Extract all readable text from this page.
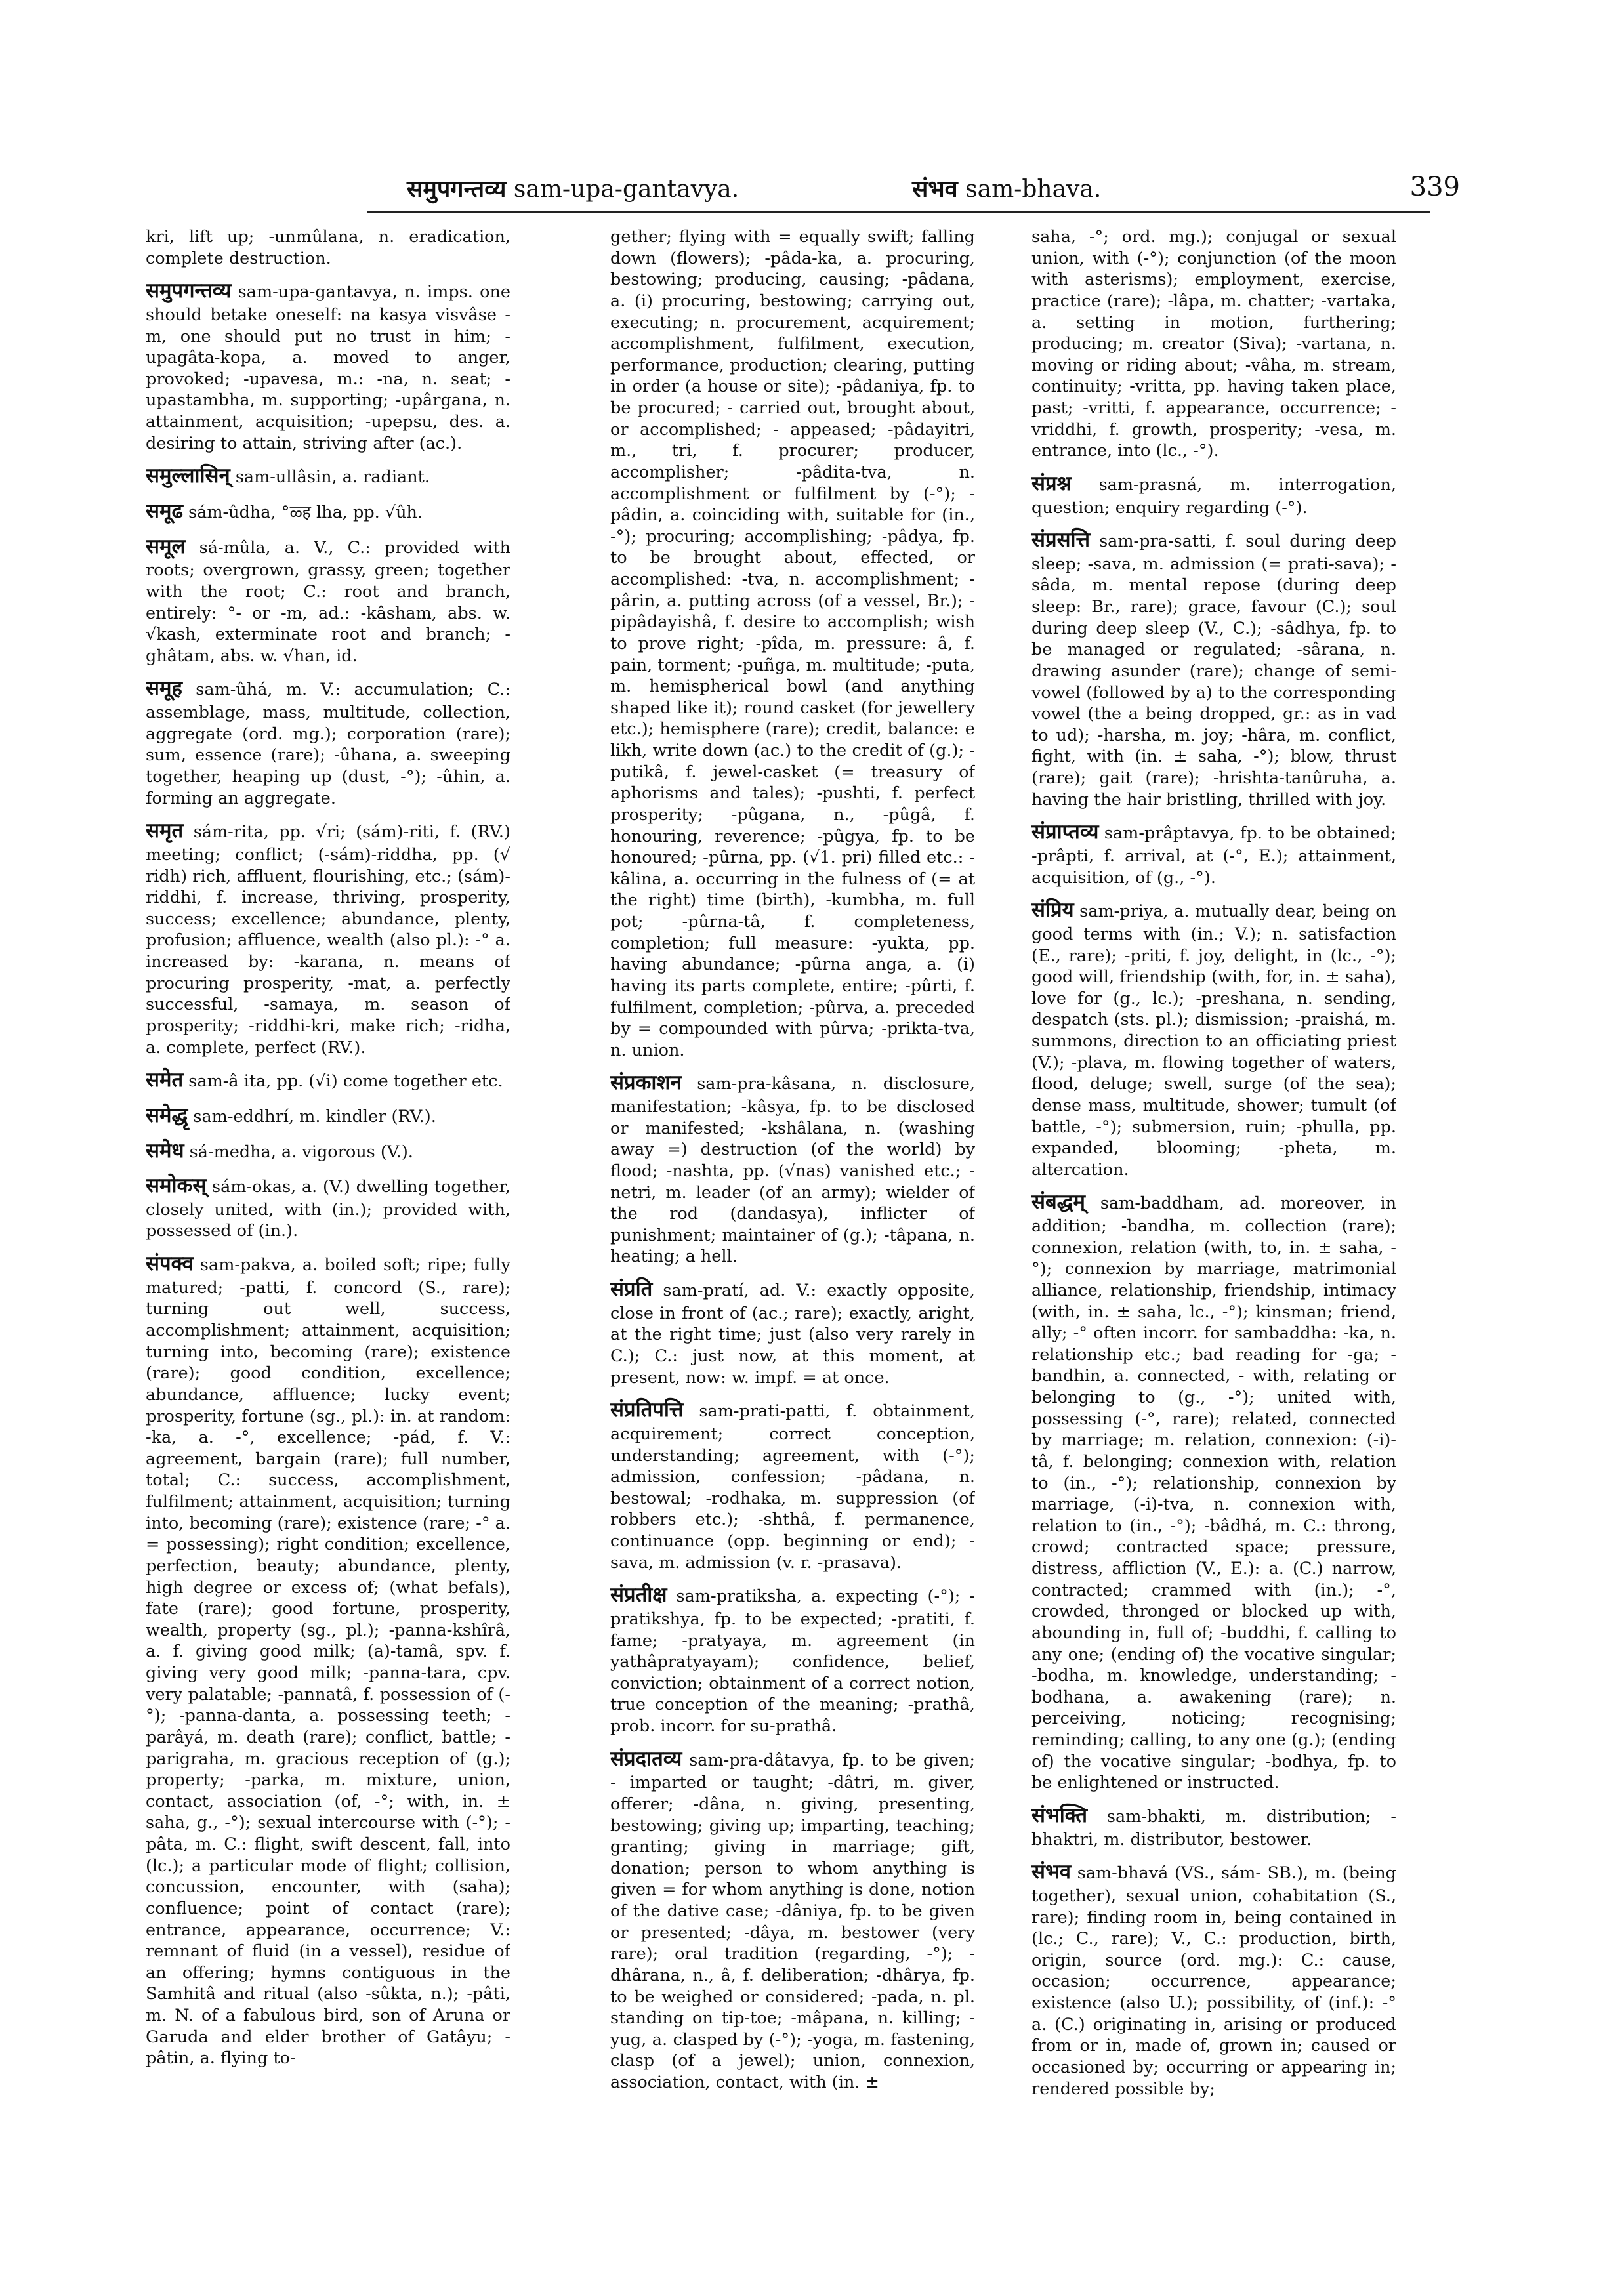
समुपगन्तव्य sam-upa-gantavya.	संभव sam-bhava.	339

kri, lift up; -unmûlana, n. eradication, complete destruction.

समुपगन्तव्य sam-upa-gantavya, n. imps. one should betake oneself: na kasya visvâse -m, one should put no trust in him; -upagâta-kopa, a. moved to anger, provoked; -upavesa, m.: -na, n. seat; -upastambha, m. supporting; -upârgana, n. attainment, acquisition; -upepsu, des. a. desiring to attain, striving after (ac.).

समुल्लासिन् sam-ullâsin, a. radiant.

समूढ sám-ûdha, °ळ्ह lha, pp. √ûh.

समूल sá-mûla, a. V., C.: provided with roots; overgrown, grassy, green; together with the root; C.: root and branch, entirely: °- or -m, ad.: -kâsham, abs. w. √kash, exterminate root and branch; -ghâtam, abs. w. √han, id.

समूह sam-ûhá, m. V.: accumulation; C.: assemblage, mass, multitude, collection, aggregate (ord. mg.); corporation (rare); sum, essence (rare); -ûhana, a. sweeping together, heaping up (dust, -°); -ûhin, a. forming an aggregate.

समृत sám-rita, pp. √ri; (sám)-riti, f. (RV.) meeting; conflict; (-sám)-riddha, pp. (√ ridh) rich, affluent, flourishing, etc.; (sám)-riddhi, f. increase, thriving, prosperity, success; excellence; abundance, plenty, profusion; affluence, wealth (also pl.): -° a. increased by: -karana, n. means of procuring prosperity, -mat, a. perfectly successful, -samaya, m. season of prosperity; -riddhi-kri, make rich; -ridha, a. complete, perfect (RV.).

समेत sam-â ita, pp. (√i) come together etc.

समेद्धृ sam-eddhrí, m. kindler (RV.).

समेध sá-medha, a. vigorous (V.).

समोकस् sám-okas, a. (V.) dwelling together, closely united, with (in.); provided with, possessed of (in.).

संपक्व sam-pakva, a. boiled soft; ripe; fully matured; -patti, f. concord (S., rare); turning out well, success, accomplishment; attainment, acquisition; turning into, becoming (rare); existence (rare); good condition, excellence; abundance, affluence; lucky event; prosperity, fortune (sg., pl.): in. at random: -ka, a. -°, excellence; -pád, f. V.: agreement, bargain (rare); full number, total; C.: success, accomplishment, fulfilment; attainment, acquisition; turning into, becoming (rare); existence (rare; -° a. = possessing); right condition; excellence, perfection, beauty; abundance, plenty, high degree or excess of; (what befals), fate (rare); good fortune, prosperity, wealth, property (sg., pl.); -panna-kshîrâ, a. f. giving good milk; (a)-tamâ, spv. f. giving very good milk; -panna-tara, cpv. very palatable; -pannatâ, f. possession of (-°); -panna-danta, a. possessing teeth; -parâyá, m. death (rare); conflict, battle; -parigraha, m. gracious reception of (g.); property; -parka, m. mixture, union, contact, association (of, -°; with, in. ± saha, g., -°); sexual intercourse with (-°); -pâta, m. C.: flight, swift descent, fall, into (lc.); a particular mode of flight; collision, concussion, encounter, with (saha); confluence; point of contact (rare); entrance, appearance, occurrence; V.: remnant of fluid (in a vessel), residue of an offering; hymns contiguous in the Samhitâ and ritual (also -sûkta, n.); -pâti, m. N. of a fabulous bird, son of Aruna or Garuda and elder brother of Gatâyu; -pâtin, a. flying to-

gether; flying with = equally swift; falling down (flowers); -pâda-ka, a. procuring, bestowing; producing, causing; -pâdana, a. (i) procuring, bestowing; carrying out, executing; n. procurement, acquirement; accomplishment, fulfilment, execution, performance, production; clearing, putting in order (a house or site); -pâdaniya, fp. to be procured; - carried out, brought about, or accomplished; - appeased; -pâdayitri, m., tri, f. procurer; producer, accomplisher; -pâdita-tva, n. accomplishment or fulfilment by (-°); -pâdin, a. coinciding with, suitable for (in., -°); procuring; accomplishing; -pâdya, fp. to be brought about, effected, or accomplished: -tva, n. accomplishment; -pârin, a. putting across (of a vessel, Br.); -pipâdayishâ, f. desire to accomplish; wish to prove right; -pîda, m. pressure: â, f. pain, torment; -puñga, m. multitude; -puta, m. hemispherical bowl (and anything shaped like it); round casket (for jewellery etc.); hemisphere (rare); credit, balance: e likh, write down (ac.) to the credit of (g.); -putikâ, f. jewel-casket (= treasury of aphorisms and tales); -pushti, f. perfect prosperity; -pûgana, n., -pûgâ, f. honouring, reverence; -pûgya, fp. to be honoured; -pûrna, pp. (√1. pri) filled etc.: -kâlina, a. occurring in the fulness of (= at the right) time (birth), -kumbha, m. full pot; -pûrna-tâ, f. completeness, completion; full measure: -yukta, pp. having abundance; -pûrna anga, a. (i) having its parts complete, entire; -pûrti, f. fulfilment, completion; -pûrva, a. preceded by = compounded with pûrva; -prikta-tva, n. union.

संप्रकाशन sam-pra-kâsana, n. disclosure, manifestation; -kâsya, fp. to be disclosed or manifested; -kshâlana, n. (washing away =) destruction (of the world) by flood; -nashta, pp. (√nas) vanished etc.; -netri, m. leader (of an army); wielder of the rod (dandasya), inflicter of punishment; maintainer of (g.); -tâpana, n. heating; a hell.

संप्रति sam-pratí, ad. V.: exactly opposite, close in front of (ac.; rare); exactly, aright, at the right time; just (also very rarely in C.); C.: just now, at this moment, at present, now: w. impf. = at once.

संप्रतिपत्ति sam-prati-patti, f. obtainment, acquirement; correct conception, understanding; agreement, with (-°); admission, confession; -pâdana, n. bestowal; -rodhaka, m. suppression (of robbers etc.); -shthâ, f. permanence, continuance (opp. beginning or end); -sava, m. admission (v. r. -prasava).

संप्रतीक्ष sam-pratiksha, a. expecting (-°); -pratikshya, fp. to be expected; -pratiti, f. fame; -pratyaya, m. agreement (in yathâpratyayam); confidence, belief, conviction; obtainment of a correct notion, true conception of the meaning; -prathâ, prob. incorr. for su-prathâ.

संप्रदातव्य sam-pra-dâtavya, fp. to be given; - imparted or taught; -dâtri, m. giver, offerer; -dâna, n. giving, presenting, bestowing; giving up; imparting, teaching; granting; giving in marriage; gift, donation; person to whom anything is given = for whom anything is done, notion of the dative case; -dâniya, fp. to be given or presented; -dâya, m. bestower (very rare); oral tradition (regarding, -°); -dhârana, n., â, f. deliberation; -dhârya, fp. to be weighed or considered; -pada, n. pl. standing on tip-toe; -mâpana, n. killing; -yug, a. clasped by (-°); -yoga, m. fastening, clasp (of a jewel); union, connexion, association, contact, with (in. ±

saha, -°; ord. mg.); conjugal or sexual union, with (-°); conjunction (of the moon with asterisms); employment, exercise, practice (rare); -lâpa, m. chatter; -vartaka, a. setting in motion, furthering; producing; m. creator (Siva); -vartana, n. moving or riding about; -vâha, m. stream, continuity; -vritta, pp. having taken place, past; -vritti, f. appearance, occurrence; -vriddhi, f. growth, prosperity; -vesa, m. entrance, into (lc., -°).

संप्रश्न sam-prasná, m. interrogation, question; enquiry regarding (-°).

संप्रसत्ति sam-pra-satti, f. soul during deep sleep; -sava, m. admission (= prati-sava); -sâda, m. mental repose (during deep sleep: Br., rare); grace, favour (C.); soul during deep sleep (V., C.); -sâdhya, fp. to be managed or regulated; -sârana, n. drawing asunder (rare); change of semi-vowel (followed by a) to the corresponding vowel (the a being dropped, gr.: as in vad to ud); -harsha, m. joy; -hâra, m. conflict, fight, with (in. ± saha, -°); blow, thrust (rare); gait (rare); -hrishta-tanûruha, a. having the hair bristling, thrilled with joy.

संप्राप्तव्य sam-prâptavya, fp. to be obtained; -prâpti, f. arrival, at (-°, E.); attainment, acquisition, of (g., -°).

संप्रिय sam-priya, a. mutually dear, being on good terms with (in.; V.); n. satisfaction (E., rare); -priti, f. joy, delight, in (lc., -°); good will, friendship (with, for, in. ± saha), love for (g., lc.); -preshana, n. sending, despatch (sts. pl.); dismission; -praishá, m. summons, direction to an officiating priest (V.); -plava, m. flowing together of waters, flood, deluge; swell, surge (of the sea); dense mass, multitude, shower; tumult (of battle, -°); submersion, ruin; -phulla, pp. expanded, blooming; -pheta, m. altercation.

संबद्धम् sam-baddham, ad. moreover, in addition; -bandha, m. collection (rare); connexion, relation (with, to, in. ± saha, -°); connexion by marriage, matrimonial alliance, relationship, friendship, intimacy (with, in. ± saha, lc., -°); kinsman; friend, ally; -° often incorr. for sambaddha: -ka, n. relationship etc.; bad reading for -ga; -bandhin, a. connected, - with, relating or belonging to (g., -°); united with, possessing (-°, rare); related, connected by marriage; m. relation, connexion: (-i)-tâ, f. belonging; connexion with, relation to (in., -°); relationship, connexion by marriage, (-i)-tva, n. connexion with, relation to (in., -°); -bâdhá, m. C.: throng, crowd; contracted space; pressure, distress, affliction (V., E.): a. (C.) narrow, contracted; crammed with (in.); -°, crowded, thronged or blocked up with, abounding in, full of; -buddhi, f. calling to any one; (ending of) the vocative singular; -bodha, m. knowledge, understanding; -bodhana, a. awakening (rare); n. perceiving, noticing; recognising; reminding; calling, to any one (g.); (ending of) the vocative singular; -bodhya, fp. to be enlightened or instructed.

संभक्ति sam-bhakti, m. distribution; -bhaktri, m. distributor, bestower.

संभव sam-bhavá (VS., sám- SB.), m. (being together), sexual union, cohabitation (S., rare); finding room in, being contained in (lc.; C., rare); V., C.: production, birth, origin, source (ord. mg.): C.: cause, occasion; occurrence, appearance; existence (also U.); possibility, of (inf.): -° a. (C.) originating in, arising or produced from or in, made of, grown in; caused or occasioned by; occurring or appearing in; rendered possible by;
